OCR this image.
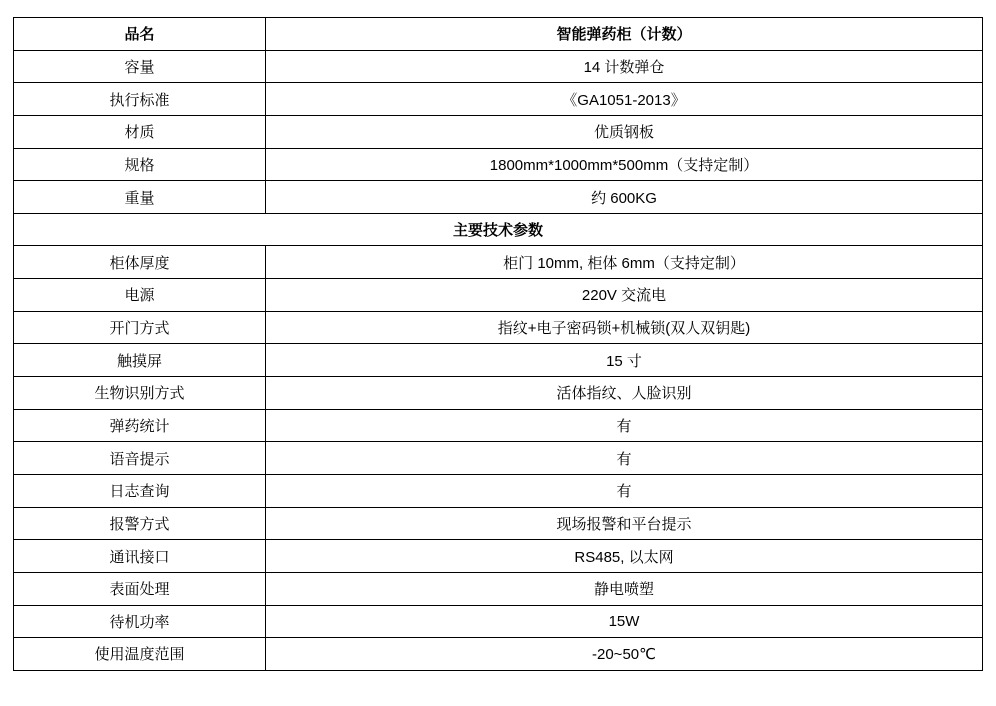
品名	智能弹药柜（计数）
容量	14 计数弹仓
执行标准	《GA1051-2013》
材质	优质钢板
规格	1800mm*1000mm*500mm（支持定制）
重量	约 600KG
主要技术参数	
柜体厚度	柜门 10mm, 柜体 6mm（支持定制）
电源	220V 交流电
开门方式	指纹+电子密码锁+机械锁(双人双钥匙)
触摸屏	15 寸
生物识别方式	活体指纹、人脸识别
弹药统计	有
语音提示	有
日志查询	有
报警方式	现场报警和平台提示
通讯接口	RS485, 以太网
表面处理	静电喷塑
待机功率	15W
使用温度范围	-20~50℃
